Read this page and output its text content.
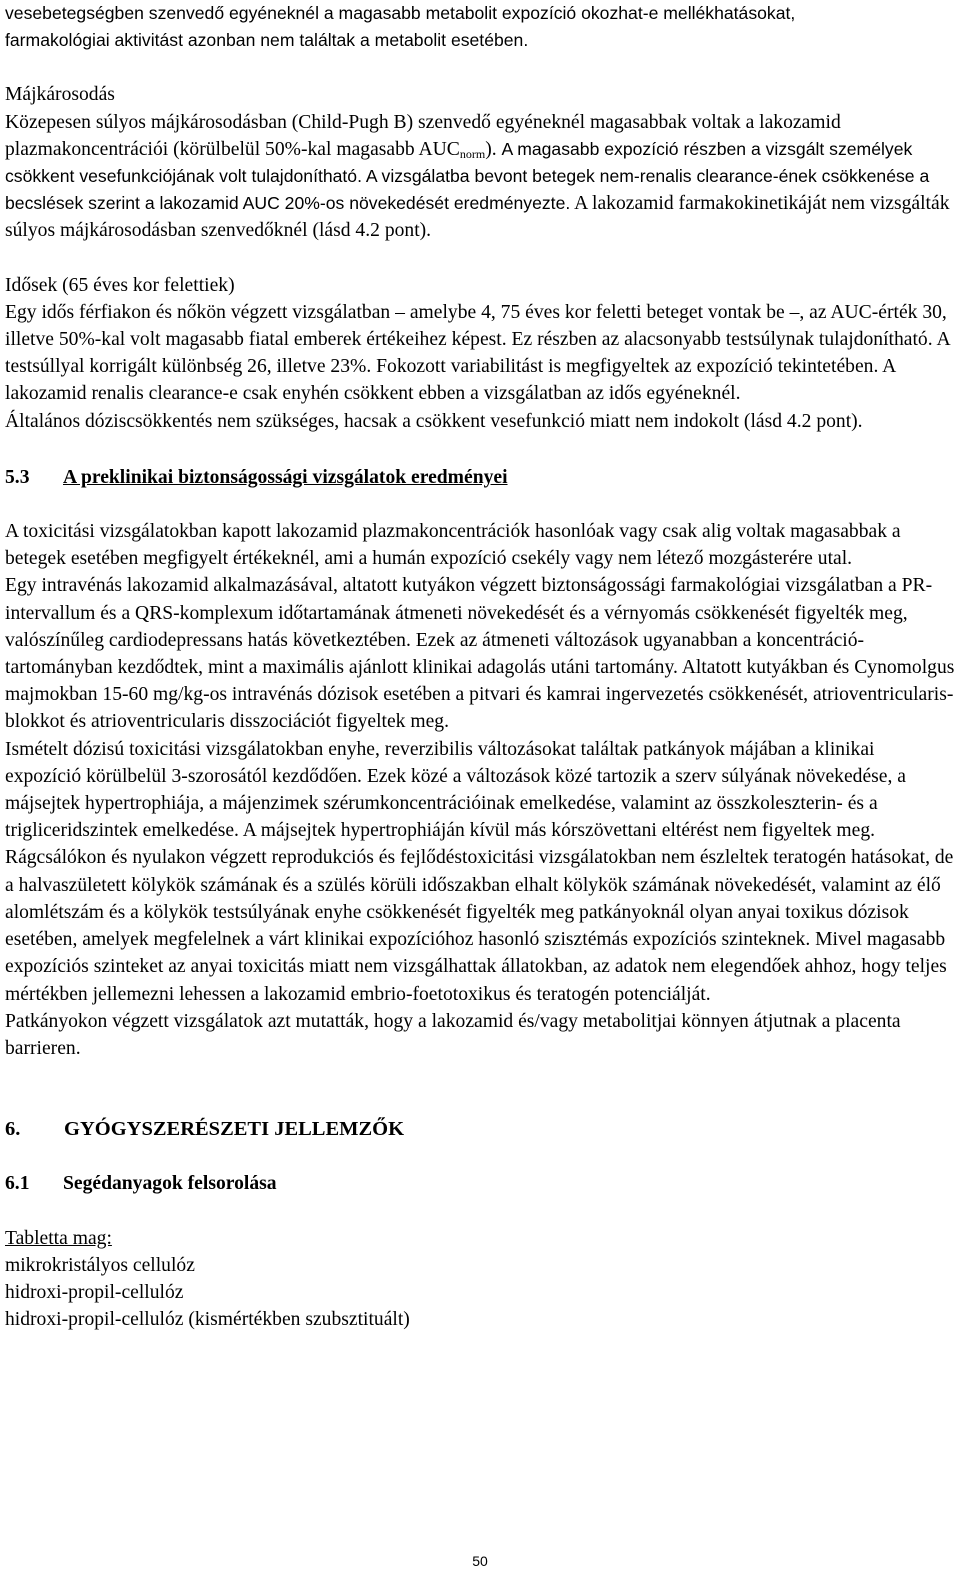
vesebetegségben szenvedő egyéneknél a magasabb metabolit expozíció okozhat-e mellékhatásokat,

farmakológiai aktivitást azonban nem találtak a metabolit esetében.

Májkárosodás

Közepesen súlyos májkárosodásban (Child-Pugh B) szenvedő egyéneknél magasabbak voltak a lakozamid plazmakoncentrációi (körülbelül 50%-kal magasabb $AUC_{norm}$). A magasabb expozíció részben a vizsgált személyek csökkent vesefunkciójának volt tulajdonítható. A vizsgálatba bevont betegek nem-renalis clearance-ének csökkenése a becslések szerint a lakozamid AUC 20%-os növekedését eredményezte. A lakozamid farmakokinetikáját nem vizsgálták súlyos májkárosodásban szenvedőknél (lásd 4.2 pont).

Idősek (65 éves kor felettiek)

Egy idős férfiakon és nőkön végzett vizsgálatban – amelybe 4, 75 éves kor feletti beteget vontak be –, az AUC-érték 30, illetve 50%-kal volt magasabb fiatal emberek értékeihez képest. Ez részben az alacsonyabb testsúlynak tulajdonítható. A testsúllyal korrigált különbség 26, illetve 23%. Fokozott variabilitást is megfigyeltek az expozíció tekintetében. A lakozamid renalis clearance-e csak enyhén csökkent ebben a vizsgálatban az idős egyéneknél.

Általános dóziscsökkentés nem szükséges, hacsak a csökkent vesefunkció miatt nem indokolt (lásd 4.2 pont).

5.3	A preklinikai biztonságossági vizsgálatok eredményei

A toxicitási vizsgálatokban kapott lakozamid plazmakoncentrációk hasonlóak vagy csak alig voltak magasabbak a betegek esetében megfigyelt értékeknél, ami a humán expozíció csekély vagy nem létező mozgásterére utal.

Egy intravénás lakozamid alkalmazásával, altatott kutyákon végzett biztonságossági farmakológiai vizsgálatban a PR-intervallum és a QRS-komplexum időtartamának átmeneti növekedését és a vérnyomás csökkenését figyelték meg, valószínűleg cardiodepressans hatás következtében. Ezek az átmeneti változások ugyanabban a koncentráció-tartományban kezdődtek, mint a maximális ajánlott klinikai adagolás utáni tartomány. Altatott kutyákban és Cynomolgus majmokban 15-60 mg/kg-os intravénás dózisok esetében a pitvari és kamrai ingervezetés csökkenését, atrioventricularis-blokkot és atrioventricularis disszociációt figyeltek meg.

Ismételt dózisú toxicitási vizsgálatokban enyhe, reverzibilis változásokat találtak patkányok májában a klinikai expozíció körülbelül 3-szorosától kezdődően. Ezek közé a változások közé tartozik a szerv súlyának növekedése, a májsejtek hypertrophiája, a májenzimek szérumkoncentrációinak emelkedése, valamint az összkoleszterin- és a trigliceridszintek emelkedése. A májsejtek hypertrophiáján kívül más kórszövettani eltérést nem figyeltek meg.

Rágcsálókon és nyulakon végzett reprodukciós és fejlődéstoxicitási vizsgálatokban nem észleltek teratogén hatásokat, de a halvaszületett kölykök számának és a szülés körüli időszakban elhalt kölykök számának növekedését, valamint az élő alomlétszám és a kölykök testsúlyának enyhe csökkenését figyelték meg patkányoknál olyan anyai toxikus dózisok esetében, amelyek megfelelnek a várt klinikai expozícióhoz hasonló szisztémás expozíciós szinteknek. Mivel magasabb expozíciós szinteket az anyai toxicitás miatt nem vizsgálhattak állatokban, az adatok nem elegendőek ahhoz, hogy teljes mértékben jellemezni lehessen a lakozamid embrio-foetotoxikus és teratogén potenciálját.

Patkányokon végzett vizsgálatok azt mutatták, hogy a lakozamid és/vagy metabolitjai könnyen átjutnak a placenta barrieren.

6.	GYÓGYSZERÉSZETI JELLEMZŐK
6.1	Segédanyagok felsorolása

Tabletta mag:

mikrokristályos cellulóz

hidroxi-propil-cellulóz

hidroxi-propil-cellulóz (kismértékben szubsztituált)

50
